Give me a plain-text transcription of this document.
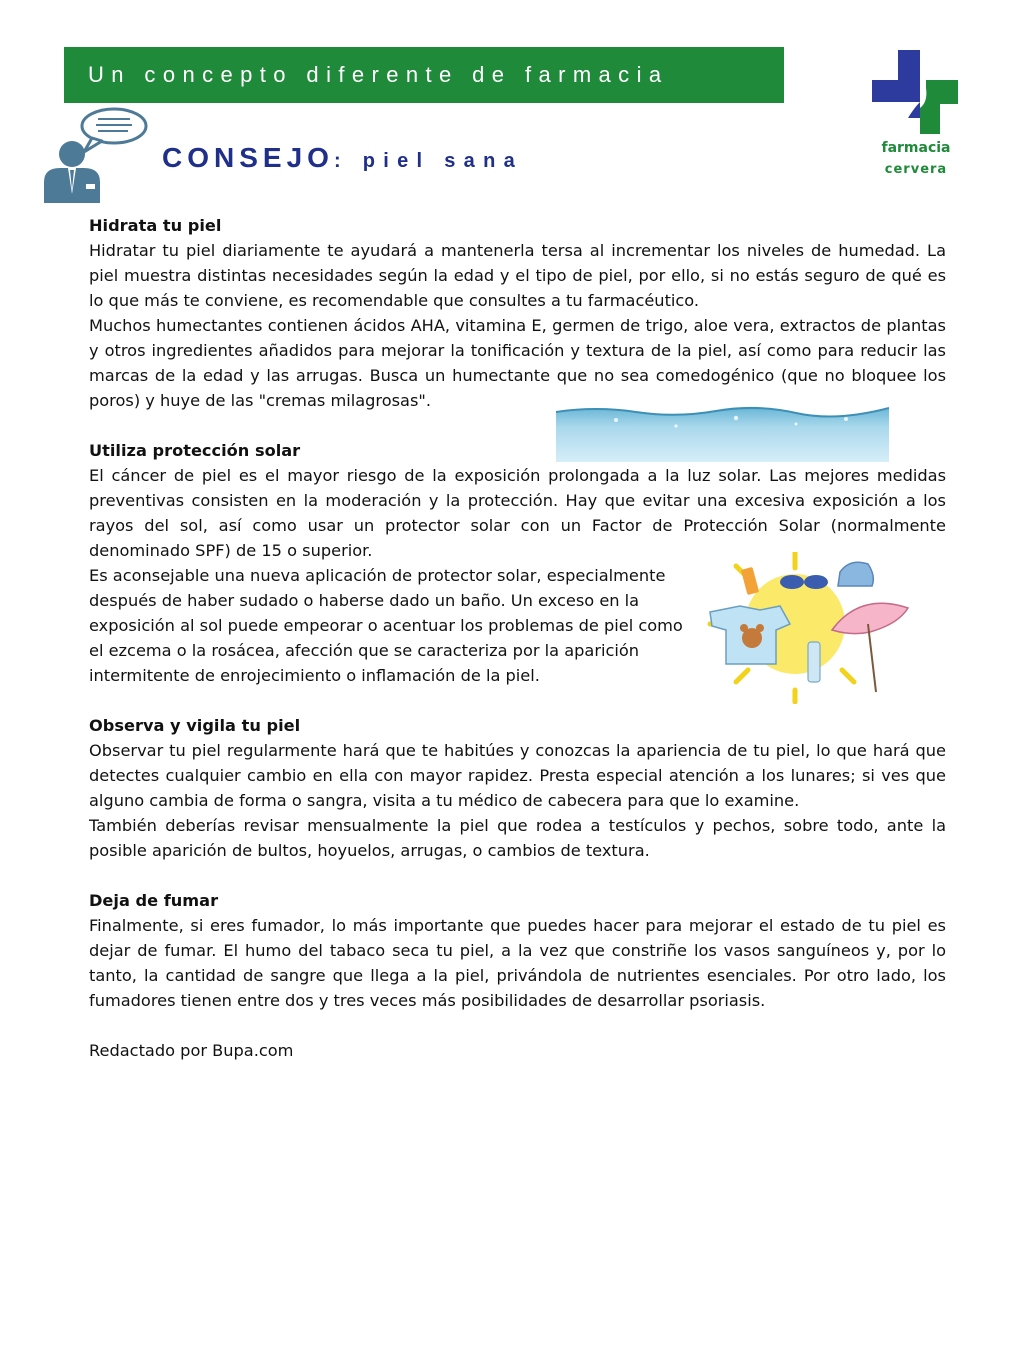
Un concepto diferente de farmacia
CONSEJO: piel sana
farmacia
cervera
Hidrata tu piel

Hidratar tu piel diariamente te ayudará a mantenerla tersa al incrementar los niveles de humedad. La piel muestra distintas necesidades según la edad y el tipo de piel, por ello, si no estás seguro de qué es lo que más te conviene, es recomendable que consultes a tu farmacéutico.

Muchos humectantes contienen ácidos AHA, vitamina E, germen de trigo, aloe vera, extractos de plantas y otros ingredientes añadidos para mejorar la tonificación y textura de la piel, así como para reducir las marcas de la edad y las arrugas. Busca un humectante que no sea comedogénico (que no bloquee los poros) y huye de las "cremas milagrosas".

Utiliza protección solar

El cáncer de piel es el mayor riesgo de la exposición prolongada a la luz solar. Las mejores medidas preventivas consisten en la moderación y la protección. Hay que evitar una excesiva exposición a los rayos del sol, así como usar un protector solar con un Factor de Protección Solar (normalmente denominado SPF) de 15 o superior.

Es aconsejable una nueva aplicación de protector solar, especialmente después de haber sudado o haberse dado un baño. Un exceso en la exposición al sol puede empeorar o acentuar los problemas de piel como el ezcema o la rosácea, afección que se caracteriza por la aparición intermitente de enrojecimiento o inflamación de la piel.

Observa y vigila tu piel

Observar tu piel regularmente hará que te habitúes y conozcas la apariencia de tu piel, lo que hará que detectes cualquier cambio en ella con mayor rapidez. Presta especial atención a los lunares; si ves que alguno cambia de forma o sangra, visita a tu médico de cabecera para que lo examine.

También deberías revisar mensualmente la piel que rodea a testículos y pechos, sobre todo, ante la posible aparición de bultos, hoyuelos, arrugas, o cambios de textura.

Deja de fumar

Finalmente, si eres fumador, lo más importante que puedes hacer para mejorar el estado de tu piel es dejar de fumar. El humo del tabaco seca tu piel, a la vez que constriñe los vasos sanguíneos y, por lo tanto, la cantidad de sangre que llega a la piel, privándola de nutrientes esenciales. Por otro lado, los fumadores tienen entre dos y tres veces más posibilidades de desarrollar psoriasis.

Redactado por Bupa.com
